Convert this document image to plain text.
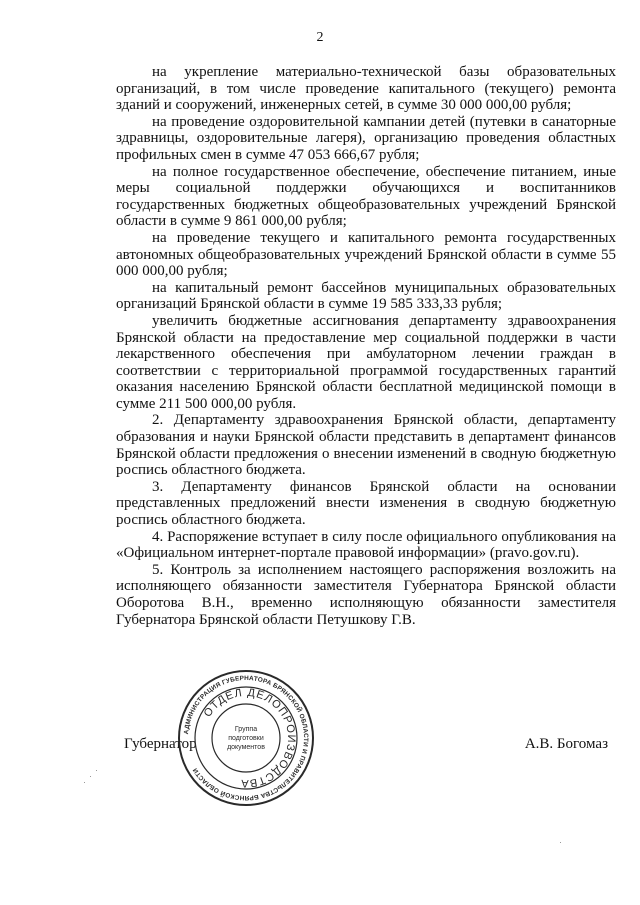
2

на укрепление материально-технической базы образовательных организаций, в том числе проведение капитального (текущего) ремонта зданий и сооружений, инженерных сетей, в сумме 30 000 000,00 рубля;

на проведение оздоровительной кампании детей (путевки в санаторные здравницы, оздоровительные лагеря), организацию проведения областных профильных смен в сумме 47 053 666,67 рубля;

на полное государственное обеспечение, обеспечение питанием, иные меры социальной поддержки обучающихся и воспитанников государственных бюджетных общеобразовательных учреждений Брянской области в сумме 9 861 000,00 рубля;

на проведение текущего и капитального ремонта государственных автономных общеобразовательных учреждений Брянской области в сумме 55 000 000,00 рубля;

на капитальный ремонт бассейнов муниципальных образовательных организаций Брянской области в сумме 19 585 333,33 рубля;

увеличить бюджетные ассигнования департаменту здравоохранения Брянской области на предоставление мер социальной поддержки в части лекарственного обеспечения при амбулаторном лечении граждан в соответствии с территориальной программой государственных гарантий оказания населению Брянской области бесплатной медицинской помощи в сумме 211 500 000,00 рубля.

2. Департаменту здравоохранения Брянской области, департаменту образования и науки Брянской области представить в департамент финансов Брянской области предложения о внесении изменений в сводную бюджетную роспись областного бюджета.

3. Департаменту финансов Брянской области на основании представленных предложений внести изменения в сводную бюджетную роспись областного бюджета.

4. Распоряжение вступает в силу после официального опубликования на «Официальном интернет-портале правовой информации» (pravo.gov.ru).

5. Контроль за исполнением настоящего распоряжения возложить на исполняющего обязанности заместителя Губернатора Брянской области Оборотова В.Н., временно исполняющую обязанности заместителя Губернатора Брянской области Петушкову Г.В.

Губернатор	А.В. Богомаз
АДМИНИСТРАЦИЯ ГУБЕРНАТОРА БРЯНСКОЙ ОБЛАСТИ И ПРАВИТЕЛЬСТВА БРЯНСКОЙ ОБЛАСТИ
ОТДЕЛ ДЕЛОПРОИЗВОДСТВА
Группа
подготовки
документов
